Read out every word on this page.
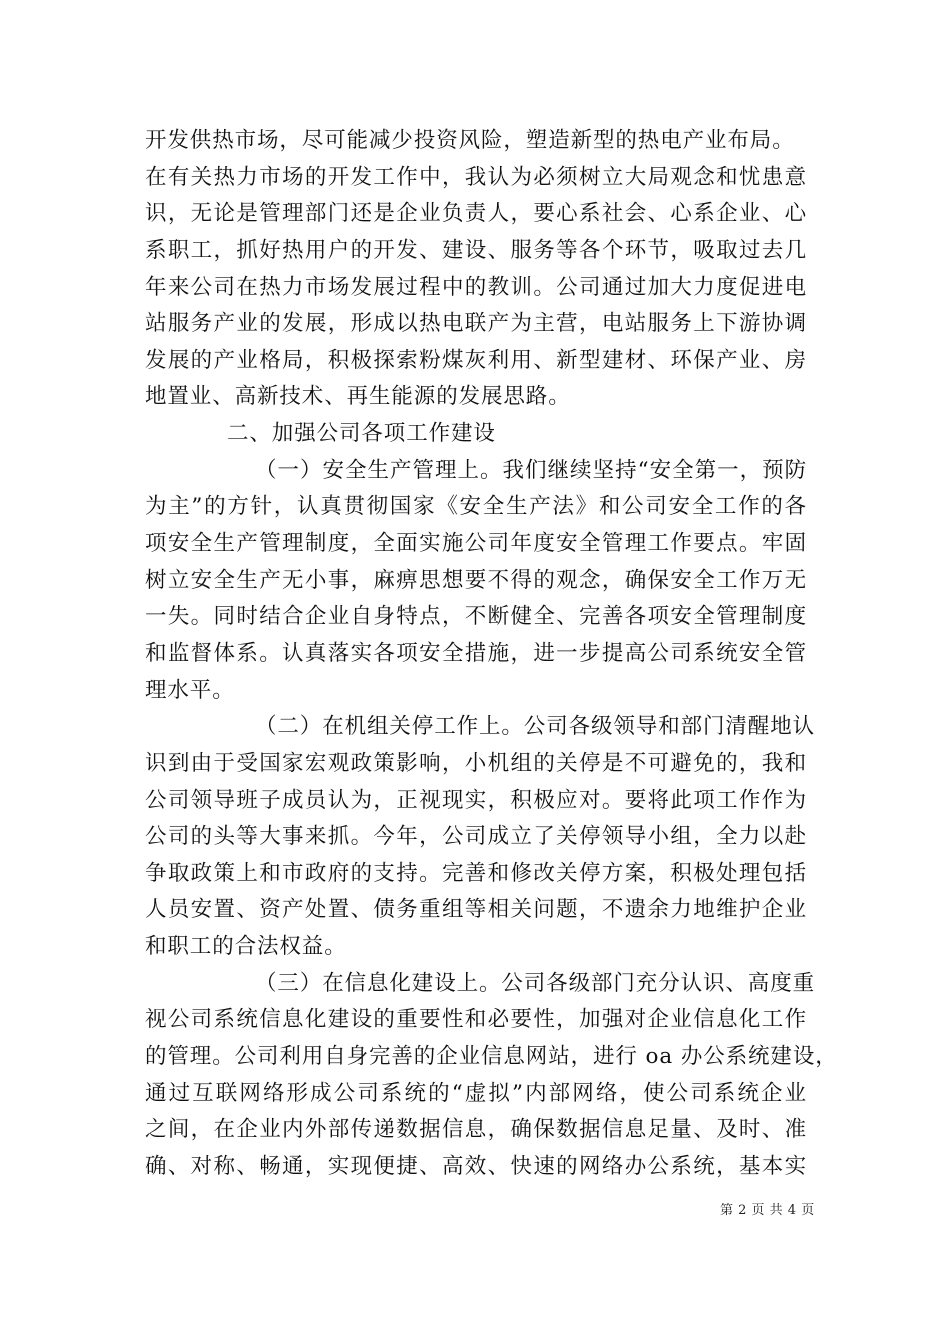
开发供热市场，尽可能减少投资风险，塑造新型的热电产业布局。
在有关热力市场的开发工作中，我认为必须树立大局观念和忧患意
识，无论是管理部门还是企业负责人，要心系社会、心系企业、心
系职工，抓好热用户的开发、建设、服务等各个环节，吸取过去几
年来公司在热力市场发展过程中的教训。公司通过加大力度促进电
站服务产业的发展，形成以热电联产为主营，电站服务上下游协调
发展的产业格局，积极探索粉煤灰利用、新型建材、环保产业、房
地置业、高新技术、再生能源的发展思路。
二、加强公司各项工作建设
（一）安全生产管理上。我们继续坚持“安全第一，预防
为主”的方针，认真贯彻国家《安全生产法》和公司安全工作的各
项安全生产管理制度，全面实施公司年度安全管理工作要点。牢固
树立安全生产无小事，麻痹思想要不得的观念，确保安全工作万无
一失。同时结合企业自身特点，不断健全、完善各项安全管理制度
和监督体系。认真落实各项安全措施，进一步提高公司系统安全管
理水平。
（二）在机组关停工作上。公司各级领导和部门清醒地认
识到由于受国家宏观政策影响，小机组的关停是不可避免的，我和
公司领导班子成员认为，正视现实，积极应对。要将此项工作作为
公司的头等大事来抓。今年，公司成立了关停领导小组，全力以赴
争取政策上和市政府的支持。完善和修改关停方案，积极处理包括
人员安置、资产处置、债务重组等相关问题，不遗余力地维护企业
和职工的合法权益。
（三）在信息化建设上。公司各级部门充分认识、高度重
视公司系统信息化建设的重要性和必要性，加强对企业信息化工作
的管理。公司利用自身完善的企业信息网站，进行 oa 办公系统建设，
通过互联网络形成公司系统的“虚拟”内部网络，使公司系统企业
之间，在企业内外部传递数据信息，确保数据信息足量、及时、准
确、对称、畅通，实现便捷、高效、快速的网络办公系统，基本实
第 2 页 共 4 页
